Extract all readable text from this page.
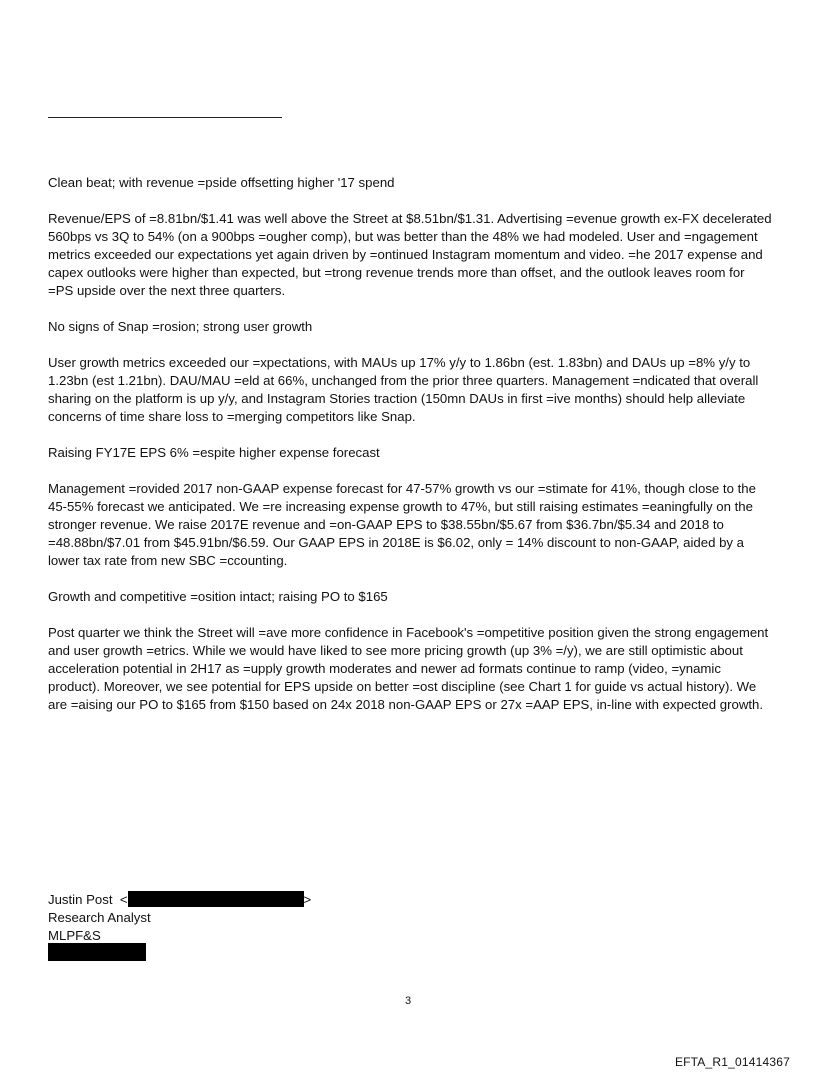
Clean beat; with revenue =pside offsetting higher '17 spend

Revenue/EPS of =8.81bn/$1.41 was well above the Street at $8.51bn/$1.31. Advertising =evenue growth ex-FX decelerated 560bps vs 3Q to 54% (on a 900bps =ougher comp), but was better than the 48% we had modeled. User and =ngagement metrics exceeded our expectations yet again driven by =ontinued Instagram momentum and video. =he 2017 expense and capex outlooks were higher than expected, but =trong revenue trends more than offset, and the outlook leaves room for =PS upside over the next three quarters.

No signs of Snap =rosion; strong user growth

User growth metrics exceeded our =xpectations, with MAUs up 17% y/y to 1.86bn (est. 1.83bn) and DAUs up =8% y/y to 1.23bn (est 1.21bn). DAU/MAU =eld at 66%, unchanged from the prior three quarters. Management =ndicated that overall sharing on the platform is up y/y, and Instagram Stories traction (150mn DAUs in first =ive months) should help alleviate concerns of time share loss to =merging competitors like Snap.

Raising FY17E EPS 6% =espite higher expense forecast

Management =rovided 2017 non-GAAP expense forecast for 47-57% growth vs our =stimate for 41%, though close to the 45-55% forecast we anticipated. We =re increasing expense growth to 47%, but still raising estimates =eaningfully on the stronger revenue. We raise 2017E revenue and =on-GAAP EPS to $38.55bn/$5.67 from $36.7bn/$5.34 and 2018 to =48.88bn/$7.01 from $45.91bn/$6.59. Our GAAP EPS in 2018E is $6.02, only = 14% discount to non-GAAP, aided by a lower tax rate from new SBC =ccounting.

Growth and competitive =osition intact; raising PO to $165

Post quarter we think the Street will =ave more confidence in Facebook's =ompetitive position given the strong engagement and user growth =etrics. While we would have liked to see more pricing growth (up 3% =/y), we are still optimistic about acceleration potential in 2H17 as =upply growth moderates and newer ad formats continue to ramp (video, =ynamic product). Moreover, we see potential for EPS upside on better =ost discipline (see Chart 1 for guide vs actual history). We are =aising our PO to $165 from $150 based on 24x 2018 non-GAAP EPS or 27x =AAP EPS, in-line with expected growth.

Justin Post <	>
Research Analyst
MLPF&S
3
EFTA_R1_01414367
